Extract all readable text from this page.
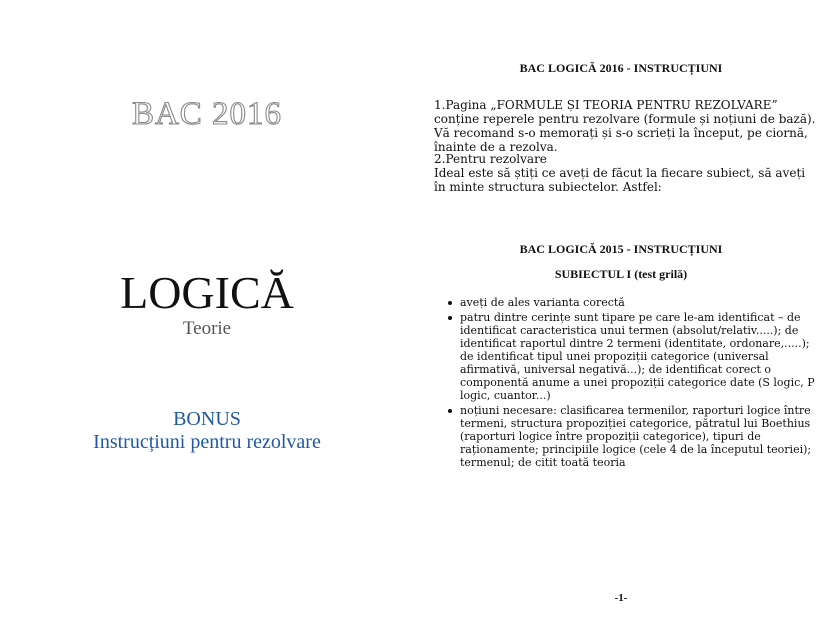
BAC 2016
LOGICĂ
Teorie
BONUS
Instrucțiuni pentru rezolvare
BAC LOGICĂ 2016 - INSTRUCȚIUNI
1.Pagina „FORMULE ȘI TEORIA PENTRU REZOLVARE” conține reperele pentru rezolvare (formule și noțiuni de bază). Vă recomand s-o memorați și s-o scrieți la început, pe ciornă, înainte de a rezolva.
2.Pentru rezolvare
Ideal este să știți ce aveți de făcut la fiecare subiect, să aveți în minte structura subiectelor. Astfel:
BAC LOGICĂ 2015 - INSTRUCȚIUNI
SUBIECTUL I (test grilă)
aveți de ales varianta corectă
patru dintre cerințe sunt tipare pe care le-am identificat – de identificat caracteristica unui termen (absolut/relativ.....); de identificat raportul dintre 2 termeni (identitate, ordonare,.....); de identificat tipul unei propoziții categorice (universal afirmativă, universal negativă...); de identificat corect o componentă anume a unei propoziții categorice date (S logic, P logic, cuantor...)
noțiuni necesare: clasificarea termenilor, raporturi logice între termeni, structura propoziției categorice, pătratul lui Boethius (raporturi logice între propoziții categorice), tipuri de raționamente; principiile logice (cele 4 de la începutul teoriei); termenul; de citit toată teoria
-1-
